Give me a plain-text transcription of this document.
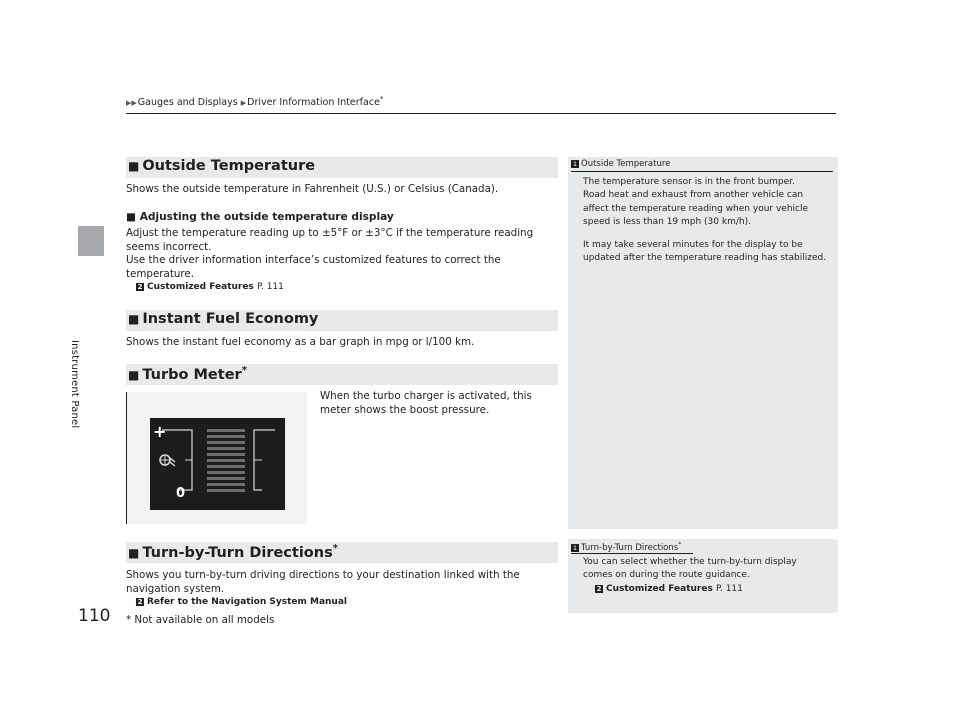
Instrument Panel
110
▶▶Gauges and Displays ▶Driver Information Interface*
■ Outside Temperature
Shows the outside temperature in Fahrenheit (U.S.) or Celsius (Canada).
■ Adjusting the outside temperature display
Adjust the temperature reading up to ±5°F or ±3°C if the temperature reading
seems incorrect.
Use the driver information interface’s customized features to correct the
temperature.
2 Customized Features P. 111
■ Instant Fuel Economy
Shows the instant fuel economy as a bar graph in mpg or l/100 km.
■ Turbo Meter*
When the turbo charger is activated, this
meter shows the boost pressure.
+
0
■ Turn-by-Turn Directions*
Shows you turn-by-turn driving directions to your destination linked with the
navigation system.
2 Refer to the Navigation System Manual
* Not available on all models
1 Outside Temperature
The temperature sensor is in the front bumper.
Road heat and exhaust from another vehicle can
affect the temperature reading when your vehicle
speed is less than 19 mph (30 km/h).
It may take several minutes for the display to be
updated after the temperature reading has stabilized.
1 Turn-by-Turn Directions*
You can select whether the turn-by-turn display
comes on during the route guidance.
2 Customized Features P. 111
